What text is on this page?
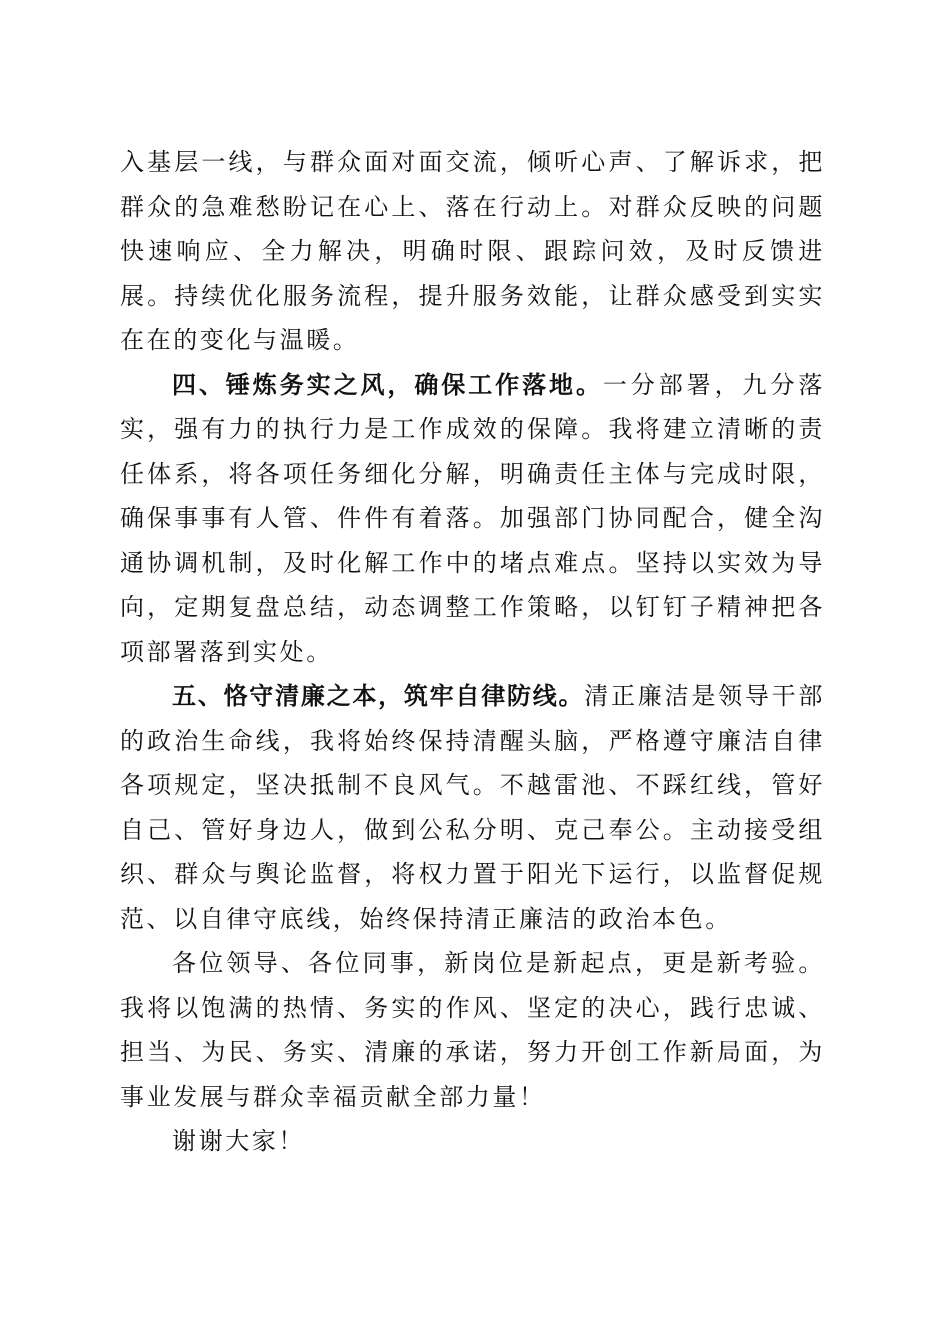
入基层一线，与群众面对面交流，倾听心声、了解诉求，把群众的急难愁盼记在心上、落在行动上。对群众反映的问题快速响应、全力解决，明确时限、跟踪问效，及时反馈进展。持续优化服务流程，提升服务效能，让群众感受到实实在在的变化与温暖。

四、锤炼务实之风，确保工作落地。一分部署，九分落实，强有力的执行力是工作成效的保障。我将建立清晰的责任体系，将各项任务细化分解，明确责任主体与完成时限，确保事事有人管、件件有着落。加强部门协同配合，健全沟通协调机制，及时化解工作中的堵点难点。坚持以实效为导向，定期复盘总结，动态调整工作策略，以钉钉子精神把各项部署落到实处。

五、恪守清廉之本，筑牢自律防线。清正廉洁是领导干部的政治生命线，我将始终保持清醒头脑，严格遵守廉洁自律各项规定，坚决抵制不良风气。不越雷池、不踩红线，管好自己、管好身边人，做到公私分明、克己奉公。主动接受组织、群众与舆论监督，将权力置于阳光下运行，以监督促规范、以自律守底线，始终保持清正廉洁的政治本色。

各位领导、各位同事，新岗位是新起点，更是新考验。我将以饱满的热情、务实的作风、坚定的决心，践行忠诚、担当、为民、务实、清廉的承诺，努力开创工作新局面，为事业发展与群众幸福贡献全部力量！

谢谢大家！
